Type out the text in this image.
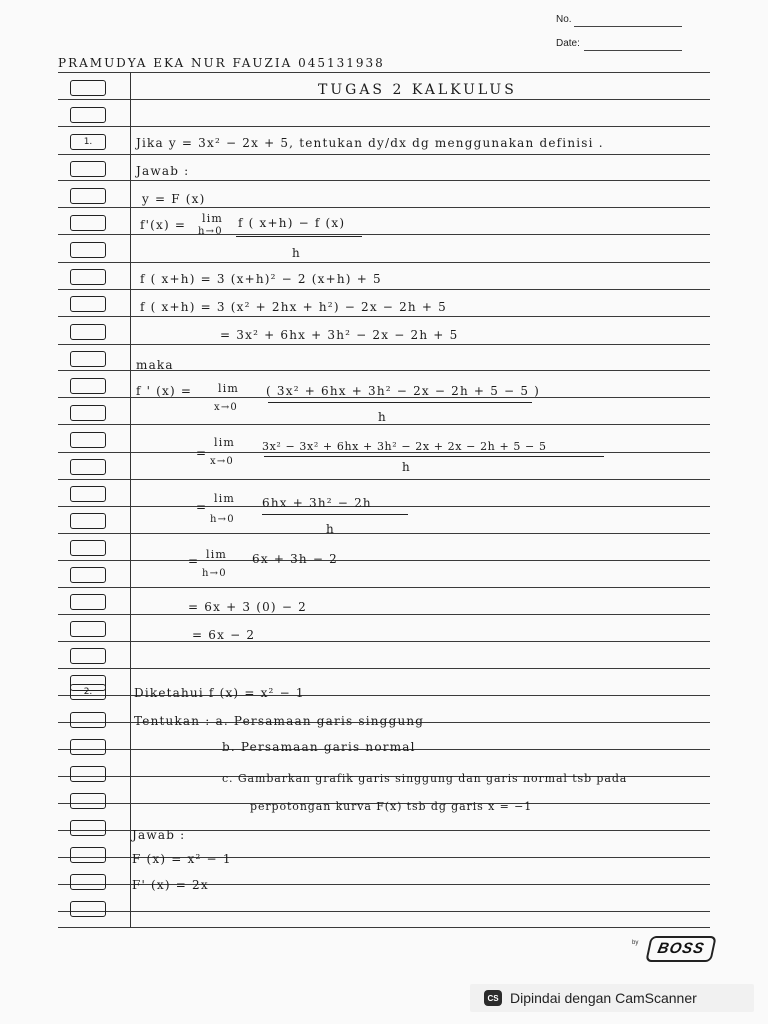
No.
Date:
PRAMUDYA EKA NUR FAUZIA 045131938
1.
2.
TUGAS 2 KALKULUS
Jika y = 3x² − 2x + 5, tentukan dy/dx dg menggunakan definisi .
Jawab :
y = F (x)
f'(x) = lim
h→0
f ( x+h) − f (x)
h
f ( x+h) = 3 (x+h)² − 2 (x+h) + 5
f ( x+h) = 3 (x² + 2hx + h²) − 2x − 2h + 5
= 3x² + 6hx + 3h² − 2x − 2h + 5
maka
f ' (x) = lim
x→0
( 3x² + 6hx + 3h² − 2x − 2h + 5 − 5 )
h
=
lim
x→0
3x² − 3x² + 6hx + 3h² − 2x + 2x − 2h + 5 − 5
h
=
lim
h→0
6hx + 3h² − 2h
h
= lim
h→0
6x + 3h − 2
= 6x + 3 (0) − 2
= 6x − 2
Diketahui f (x) = x² − 1
Tentukan : a. Persamaan garis singgung
b. Persamaan garis normal
c. Gambarkan grafik garis singgung dan garis normal tsb pada
perpotongan kurva F(x) tsb dg garis x = −1
Jawab :
F (x) = x² − 1
F' (x) = 2x
by	BOSS
CS Dipindai dengan CamScanner
